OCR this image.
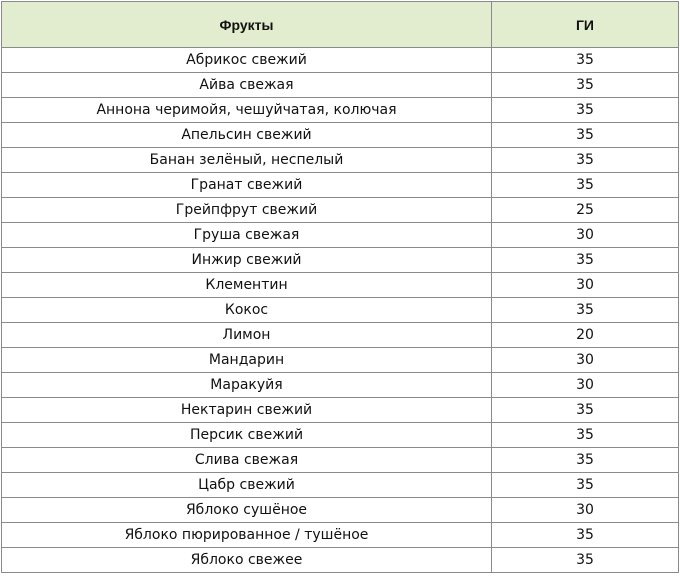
Фрукты	ГИ
Абрикос свежий	35
Айва свежая	35
Аннона черимойя, чешуйчатая, колючая	35
Апельсин свежий	35
Банан зелёный, неспелый	35
Гранат свежий	35
Грейпфрут свежий	25
Груша свежая	30
Инжир свежий	35
Клементин	30
Кокос	35
Лимон	20
Мандарин	30
Маракуйя	30
Нектарин свежий	35
Персик свежий	35
Слива свежая	35
Цабр свежий	35
Яблоко сушёное	30
Яблоко пюрированное / тушёное	35
Яблоко свежее	35
